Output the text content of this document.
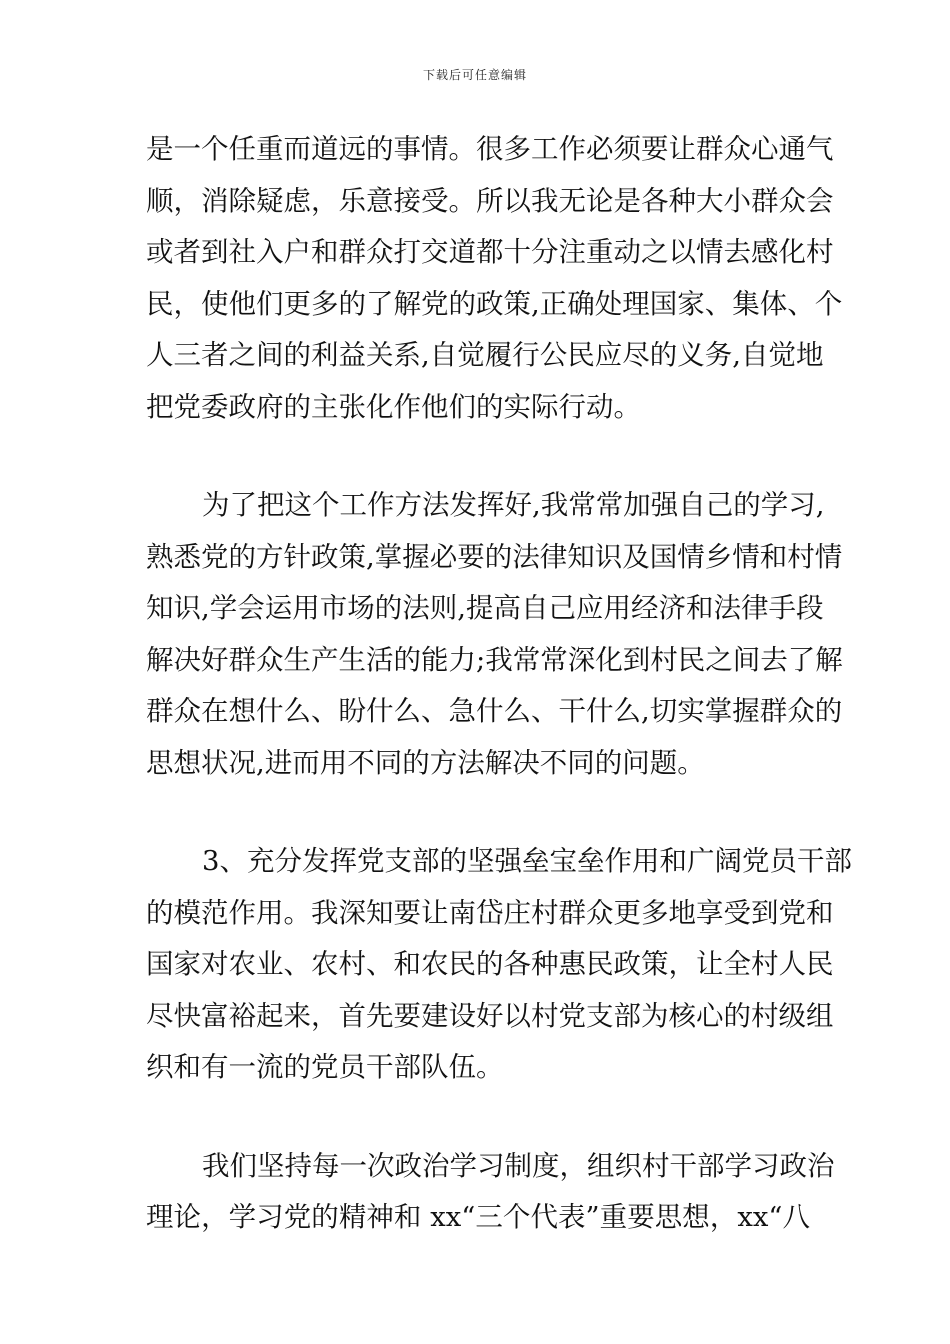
下载后可任意编辑
是一个任重而道远的事情。很多工作必须要让群众心通气
顺，消除疑虑，乐意接受。所以我无论是各种大小群众会
或者到社入户和群众打交道都十分注重动之以情去感化村
民，使他们更多的了解党的政策,正确处理国家、集体、个
人三者之间的利益关系,自觉履行公民应尽的义务,自觉地
把党委政府的主张化作他们的实际行动。
为了把这个工作方法发挥好,我常常加强自己的学习,
熟悉党的方针政策,掌握必要的法律知识及国情乡情和村情
知识,学会运用市场的法则,提高自己应用经济和法律手段
解决好群众生产生活的能力;我常常深化到村民之间去了解
群众在想什么、盼什么、急什么、干什么,切实掌握群众的
思想状况,进而用不同的方法解决不同的问题。
3、充分发挥党支部的坚强垒宝垒作用和广阔党员干部
的模范作用。我深知要让南岱庄村群众更多地享受到党和
国家对农业、农村、和农民的各种惠民政策，让全村人民
尽快富裕起来，首先要建设好以村党支部为核心的村级组
织和有一流的党员干部队伍。
我们坚持每一次政治学习制度，组织村干部学习政治
理论，学习党的精神和 xx“三个代表”重要思想，xx“八
